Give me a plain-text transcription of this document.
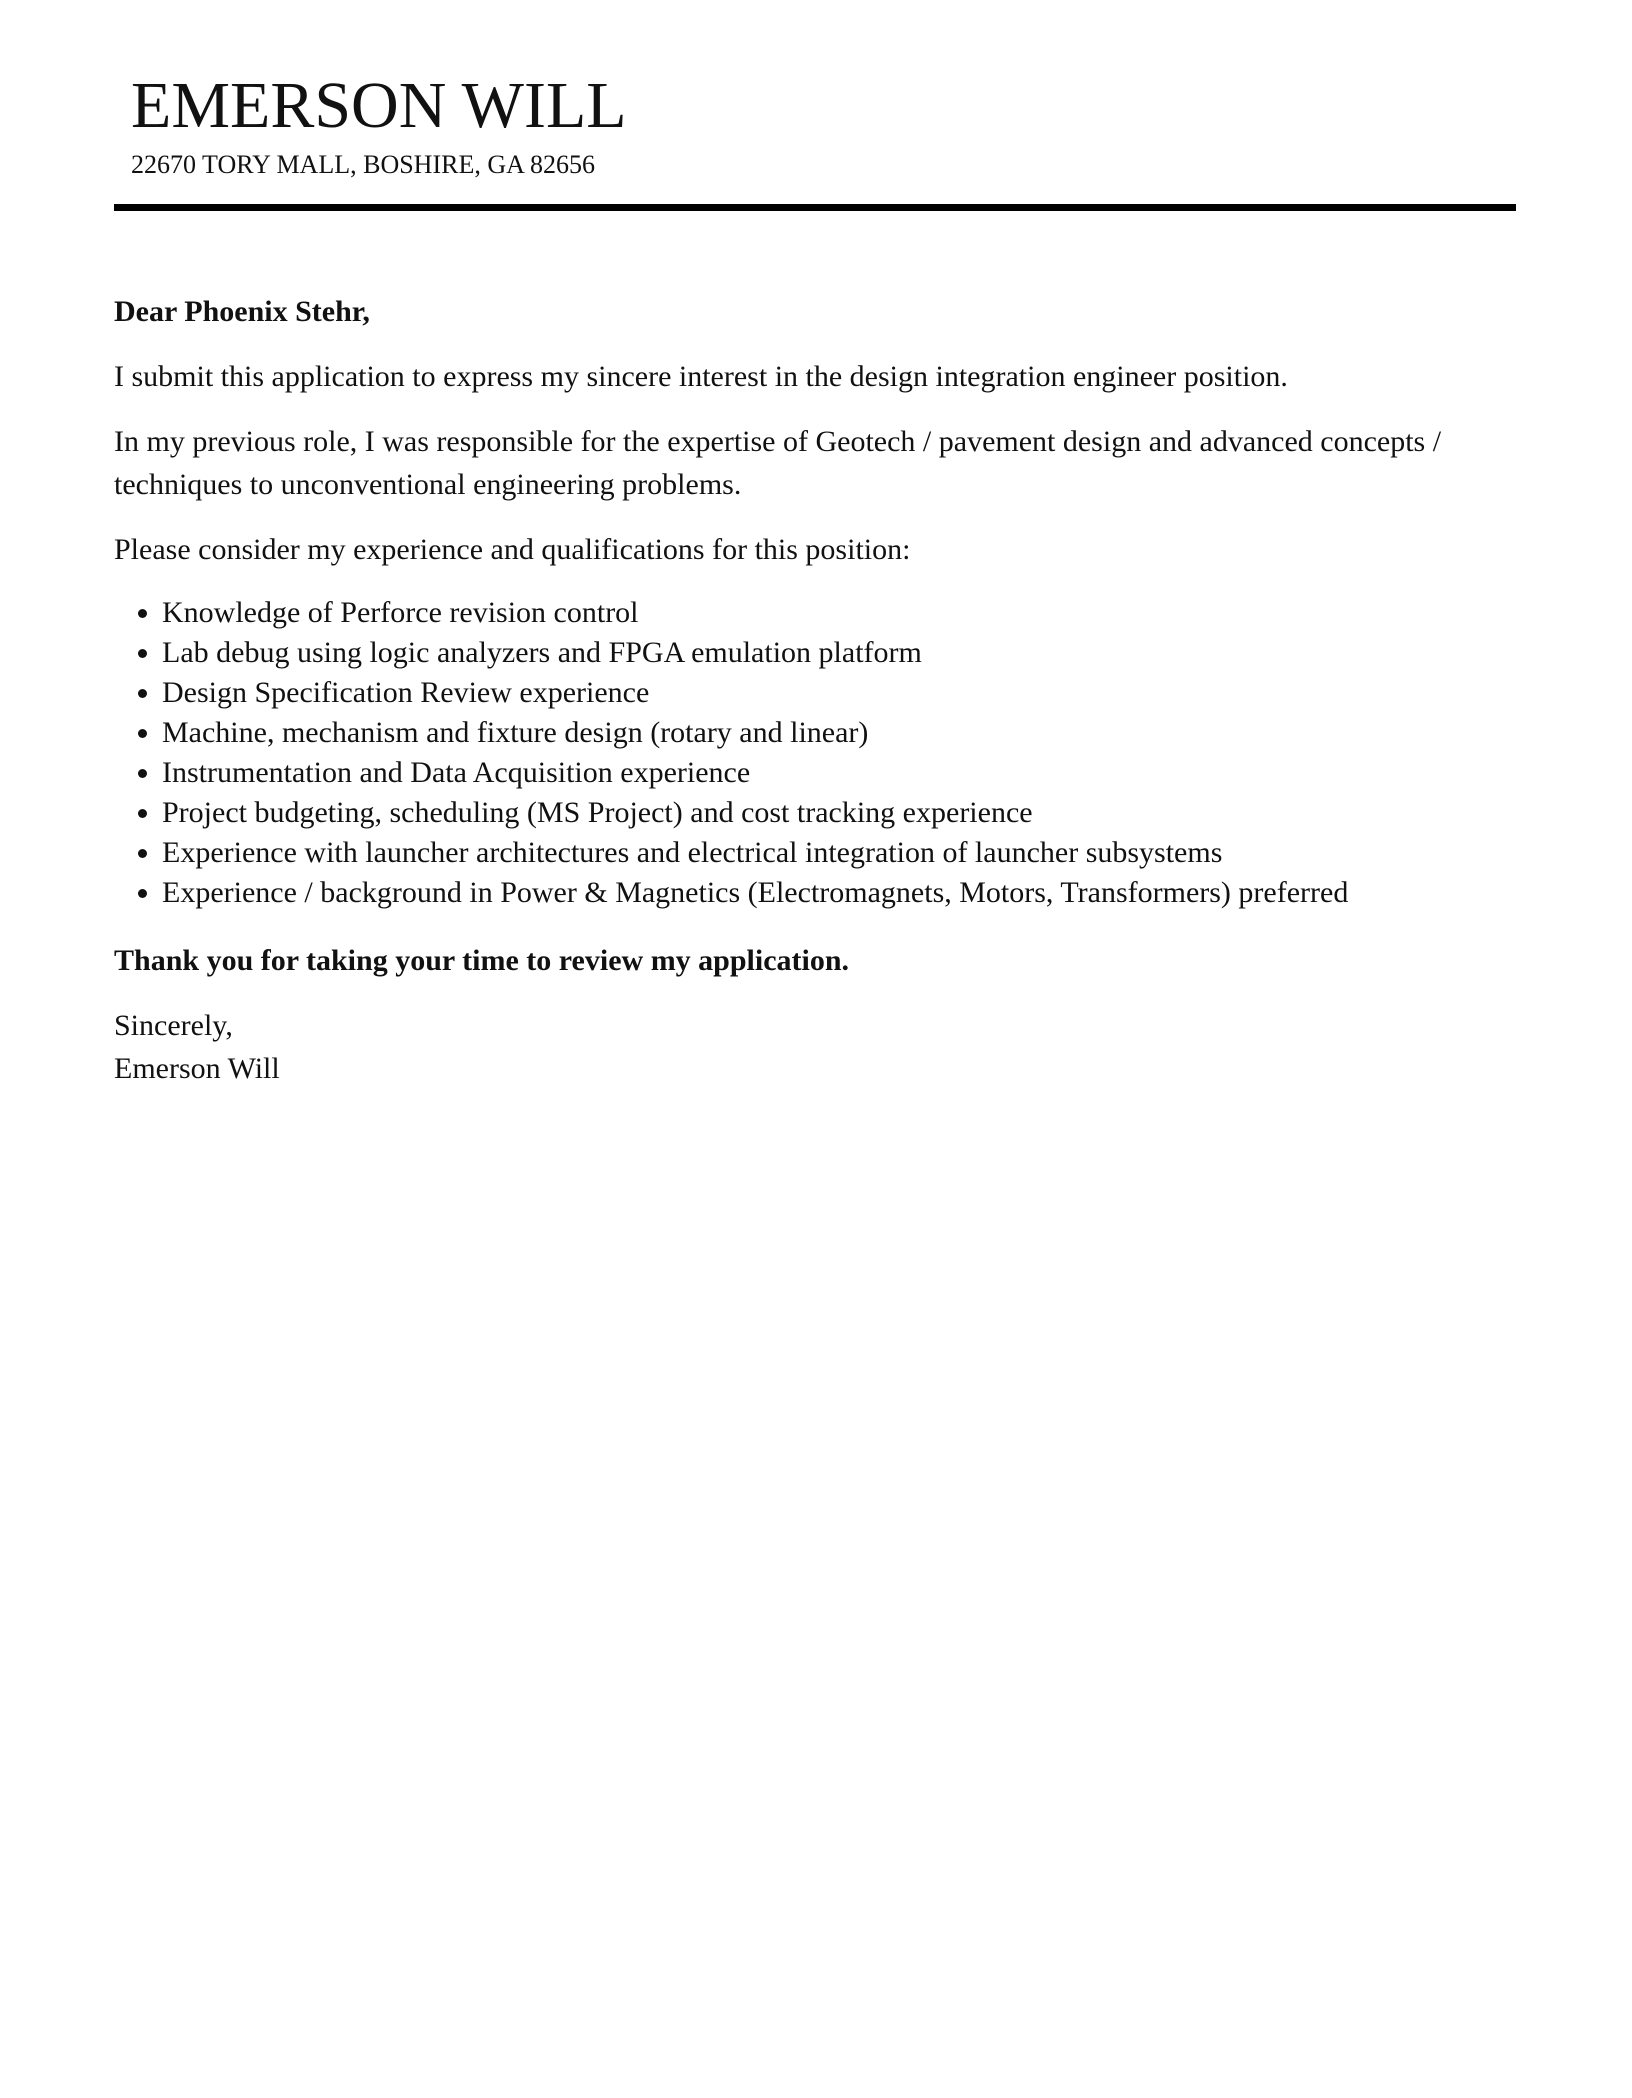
EMERSON WILL
22670 TORY MALL, BOSHIRE, GA 82656

Dear Phoenix Stehr,

I submit this application to express my sincere interest in the design integration engineer position.

In my previous role, I was responsible for the expertise of Geotech / pavement design and advanced concepts / techniques to unconventional engineering problems.

Please consider my experience and qualifications for this position:

Knowledge of Perforce revision control
Lab debug using logic analyzers and FPGA emulation platform
Design Specification Review experience
Machine, mechanism and fixture design (rotary and linear)
Instrumentation and Data Acquisition experience
Project budgeting, scheduling (MS Project) and cost tracking experience
Experience with launcher architectures and electrical integration of launcher subsystems
Experience / background in Power & Magnetics (Electromagnets, Motors, Transformers) preferred

Thank you for taking your time to review my application.

Sincerely,

Emerson Will
